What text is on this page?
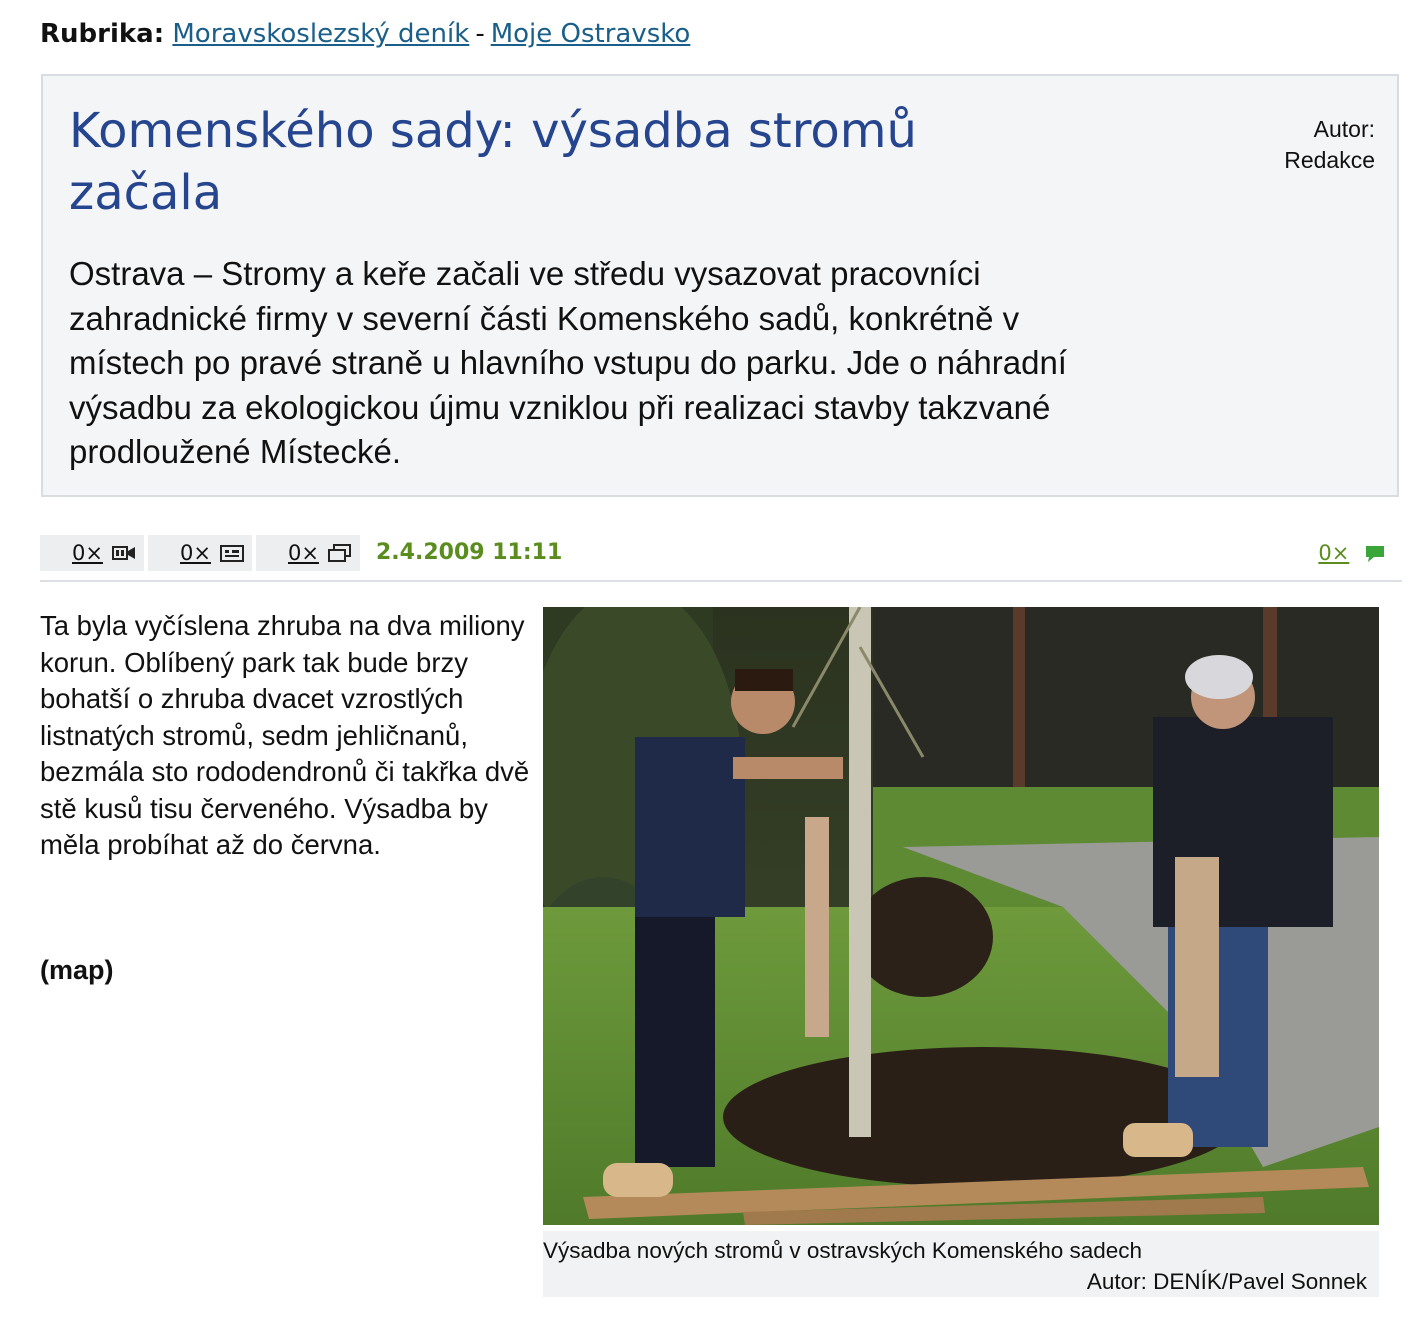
Rubrika: Moravskoslezský deník - Moje Ostravsko
Komenského sady: výsadba stromů začala
Autor:
Redakce

Ostrava – Stromy a keře začali ve středu vysazovat pracovníci zahradnické firmy v severní části Komenského sadů, konkrétně v místech po pravé straně u hlavního vstupu do parku. Jde o náhradní výsadbu za ekologickou újmu vzniklou při realizaci stavby takzvané prodloužené Místecké.

0×	0×	0×	2.4.2009 11:11	0×

Ta byla vyčíslena zhruba na dva miliony korun. Oblíbený park tak bude brzy bohatší o zhruba dvacet vzrostlých listnatých stromů, sedm jehličnanů, bezmála sto rododendronů či takřka dvě stě kusů tisu červeného. Výsadba by měla probíhat až do června.

(map)

Výsadba nových stromů v ostravských Komenského sadech
Autor: DENÍK/Pavel Sonnek
